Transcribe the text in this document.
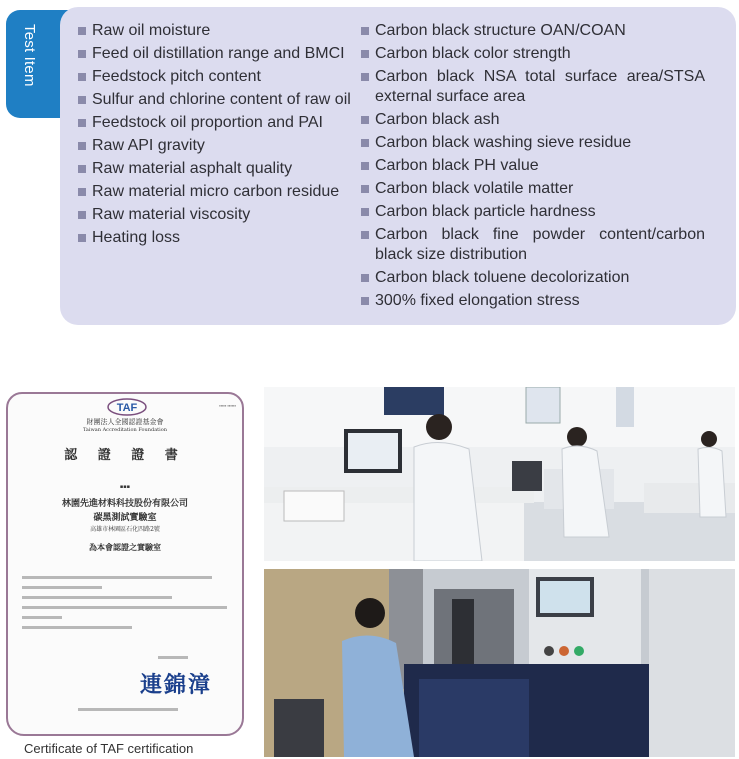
Test Item	Raw oil moisture
Feed oil distillation range and BMCI
Feedstock pitch content
Sulfur and chlorine content of raw oil
Feedstock oil proportion and PAI
Raw API gravity
Raw material asphalt quality
Raw material micro carbon residue
Raw material viscosity
Heating loss
Carbon black structure OAN/COAN
Carbon black color strength
Carbon black NSA total surface area/STSA external surface area
Carbon black ash
Carbon black washing sieve residue
Carbon black PH value
Carbon black volatile matter
Carbon black particle hardness
Carbon black fine powder content/carbon black size distribution
Carbon black toluene decolorization
300% fixed elongation stress
TAF	▪▪▪▪▪ ▪▪▪▪▪▪
財團法人全國認證基金會
Taiwan Accreditation Foundation
認 證 證 書
▪▪▪
林園先進材料科技股份有限公司
碳黑測試實驗室
高雄市林園區石化四路2號
為本會認證之實驗室
連錦漳
Certificate of TAF certification
